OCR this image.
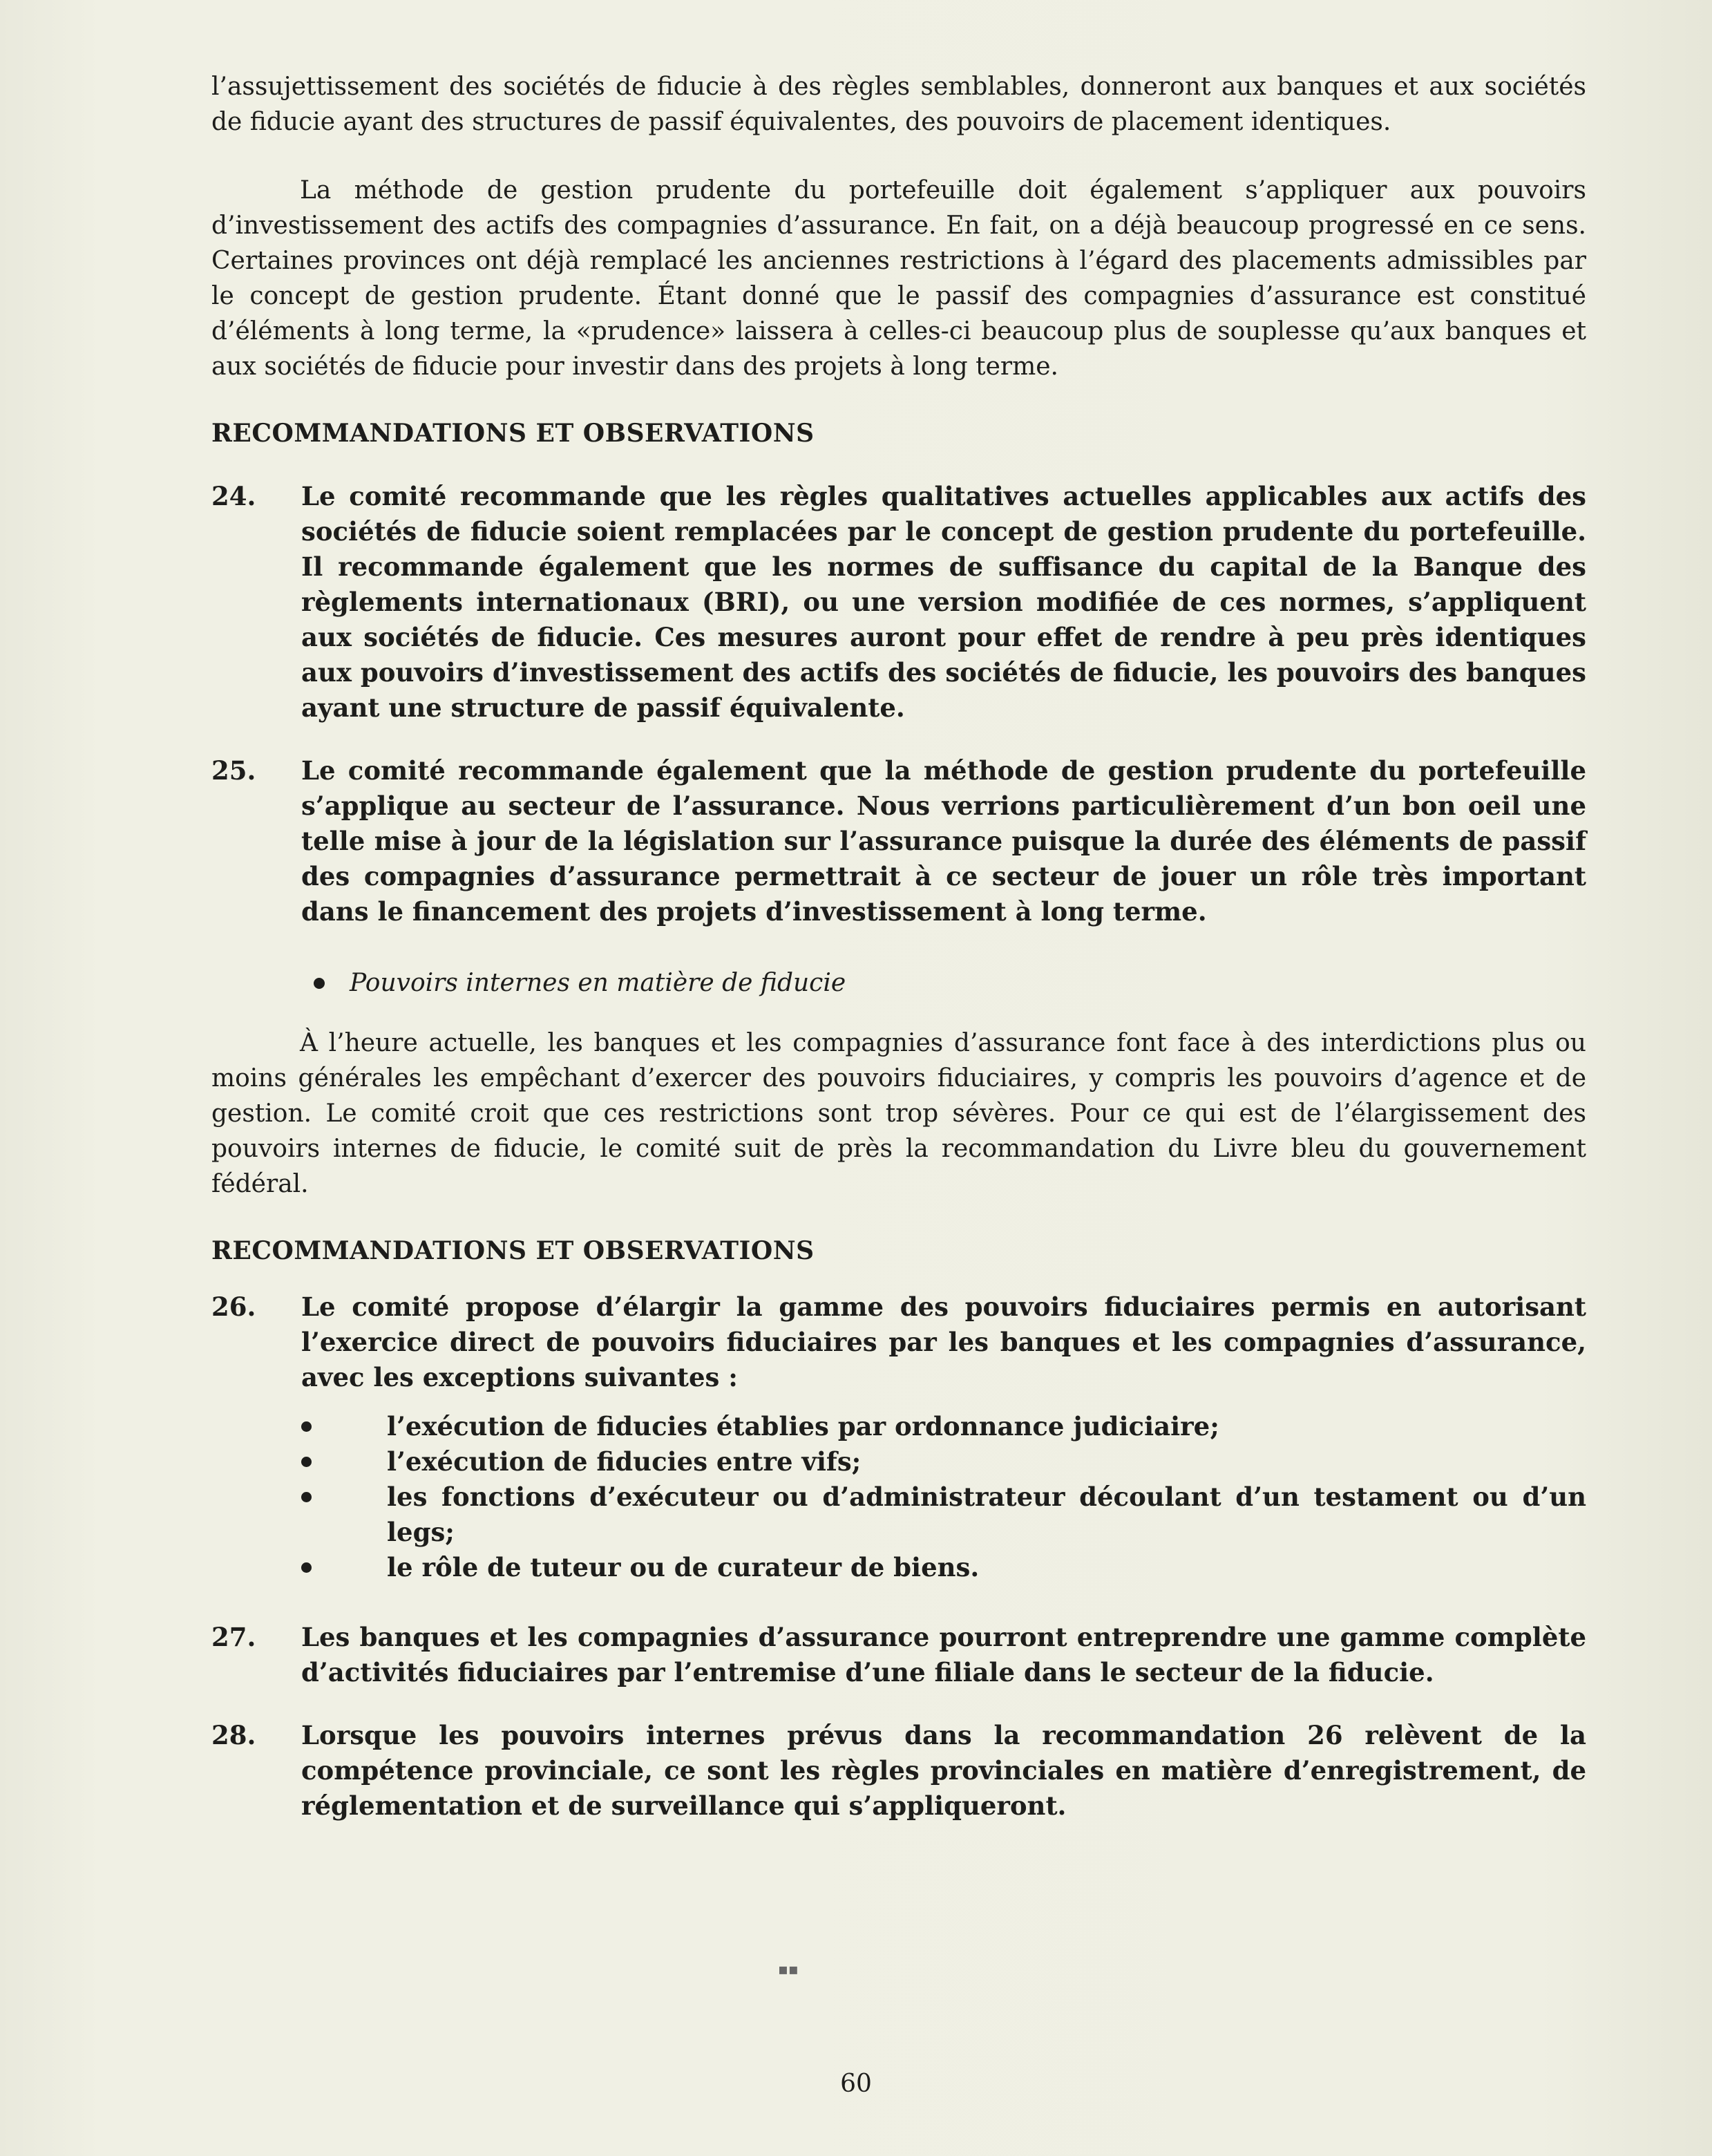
l’assujettissement des sociétés de fiducie à des règles semblables, donneront aux banques et aux sociétés de fiducie ayant des structures de passif équivalentes, des pouvoirs de placement identiques.

La méthode de gestion prudente du portefeuille doit également s’appliquer aux pouvoirs d’investissement des actifs des compagnies d’assurance. En fait, on a déjà beaucoup progressé en ce sens. Certaines provinces ont déjà remplacé les anciennes restrictions à l’égard des placements admissibles par le concept de gestion prudente. Étant donné que le passif des compagnies d’assurance est constitué d’éléments à long terme, la «prudence» laissera à celles-ci beaucoup plus de souplesse qu’aux banques et aux sociétés de fiducie pour investir dans des projets à long terme.

RECOMMANDATIONS ET OBSERVATIONS
24.	Le comité recommande que les règles qualitatives actuelles applicables aux actifs des sociétés de fiducie soient remplacées par le concept de gestion prudente du portefeuille. Il recommande également que les normes de suffisance du capital de la Banque des règlements internationaux (BRI), ou une version modifiée de ces normes, s’appliquent aux sociétés de fiducie. Ces mesures auront pour effet de rendre à peu près identiques aux pouvoirs d’investissement des actifs des sociétés de fiducie, les pouvoirs des banques ayant une structure de passif équivalente.
25.	Le comité recommande également que la méthode de gestion prudente du portefeuille s’applique au secteur de l’assurance. Nous verrions particulièrement d’un bon oeil une telle mise à jour de la législation sur l’assurance puisque la durée des éléments de passif des compagnies d’assurance permettrait à ce secteur de jouer un rôle très important dans le financement des projets d’investissement à long terme.
Pouvoirs internes en matière de fiducie

À l’heure actuelle, les banques et les compagnies d’assurance font face à des interdictions plus ou moins générales les empêchant d’exercer des pouvoirs fiduciaires, y compris les pouvoirs d’agence et de gestion. Le comité croit que ces restrictions sont trop sévères. Pour ce qui est de l’élargissement des pouvoirs internes de fiducie, le comité suit de près la recommandation du Livre bleu du gouvernement fédéral.

RECOMMANDATIONS ET OBSERVATIONS
26.	Le comité propose d’élargir la gamme des pouvoirs fiduciaires permis en autorisant l’exercice direct de pouvoirs fiduciaires par les banques et les compagnies d’assurance, avec les exceptions suivantes :
l’exécution de fiducies établies par ordonnance judiciaire;
l’exécution de fiducies entre vifs;
les fonctions d’exécuteur ou d’administrateur découlant d’un testament ou d’un legs;
le rôle de tuteur ou de curateur de biens.
27.	Les banques et les compagnies d’assurance pourront entreprendre une gamme complète d’activités fiduciaires par l’entremise d’une filiale dans le secteur de la fiducie.
28.	Lorsque les pouvoirs internes prévus dans la recommandation 26 relèvent de la compétence provinciale, ce sont les règles provinciales en matière d’enregistrement, de réglementation et de surveillance qui s’appliqueront.
▪▪
60
